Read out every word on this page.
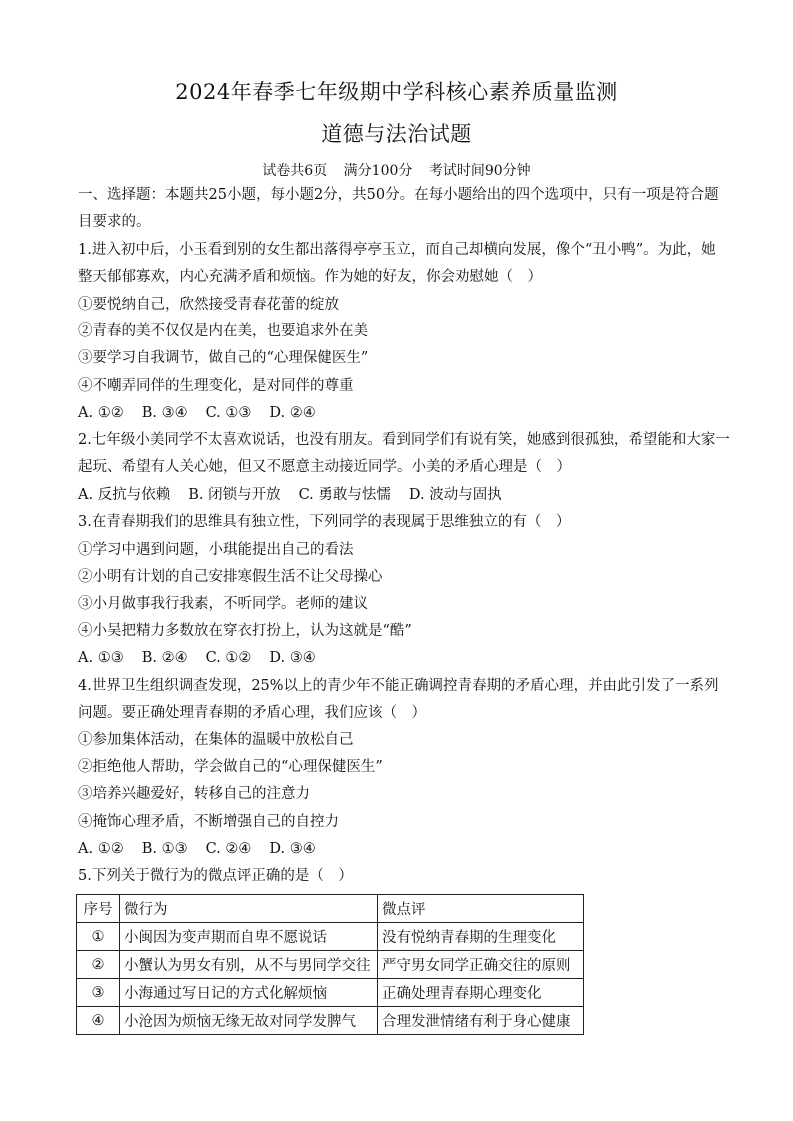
2024年春季七年级期中学科核心素养质量监测
道德与法治试题
试卷共6页 满分100分 考试时间90分钟
一、选择题：本题共25小题，每小题2分，共50分。在每小题给出的四个选项中，只有一项是符合题
目要求的。
1.进入初中后，小玉看到别的女生都出落得亭亭玉立，而自己却横向发展，像个“丑小鸭”。为此，她
整天郁郁寡欢，内心充满矛盾和烦恼。作为她的好友，你会劝慰她（　）
①要悦纳自己，欣然接受青春花蕾的绽放
②青春的美不仅仅是内在美，也要追求外在美
③要学习自我调节，做自己的“心理保健医生”
④不嘲弄同伴的生理变化，是对同伴的尊重
A. ①② B. ③④ C. ①③ D. ②④
2.七年级小美同学不太喜欢说话，也没有朋友。看到同学们有说有笑，她感到很孤独，希望能和大家一
起玩、希望有人关心她，但又不愿意主动接近同学。小美的矛盾心理是（　）
A. 反抗与依赖 B. 闭锁与开放 C. 勇敢与怯懦 D. 波动与固执
3.在青春期我们的思维具有独立性，下列同学的表现属于思维独立的有（　）
①学习中遇到问题，小琪能提出自己的看法
②小明有计划的自己安排寒假生活不让父母操心
③小月做事我行我素，不听同学。老师的建议
④小吴把精力多数放在穿衣打扮上，认为这就是“酷”
A. ①③ B. ②④ C. ①② D. ③④
4.世界卫生组织调查发现，25%以上的青少年不能正确调控青春期的矛盾心理，并由此引发了一系列
问题。要正确处理青春期的矛盾心理，我们应该（　）
①参加集体活动，在集体的温暖中放松自己
②拒绝他人帮助，学会做自己的“心理保健医生”
③培养兴趣爱好，转移自己的注意力
④掩饰心理矛盾，不断增强自己的自控力
A. ①② B. ①③ C. ②④ D. ③④
5.下列关于微行为的微点评正确的是（　）
序号	微行为	微点评
①	小闽因为变声期而自卑不愿说话	没有悦纳青春期的生理变化
②	小蟹认为男女有别，从不与男同学交往	严守男女同学正确交往的原则
③	小海通过写日记的方式化解烦恼	正确处理青春期心理变化
④	小沧因为烦恼无缘无故对同学发脾气	合理发泄情绪有利于身心健康
